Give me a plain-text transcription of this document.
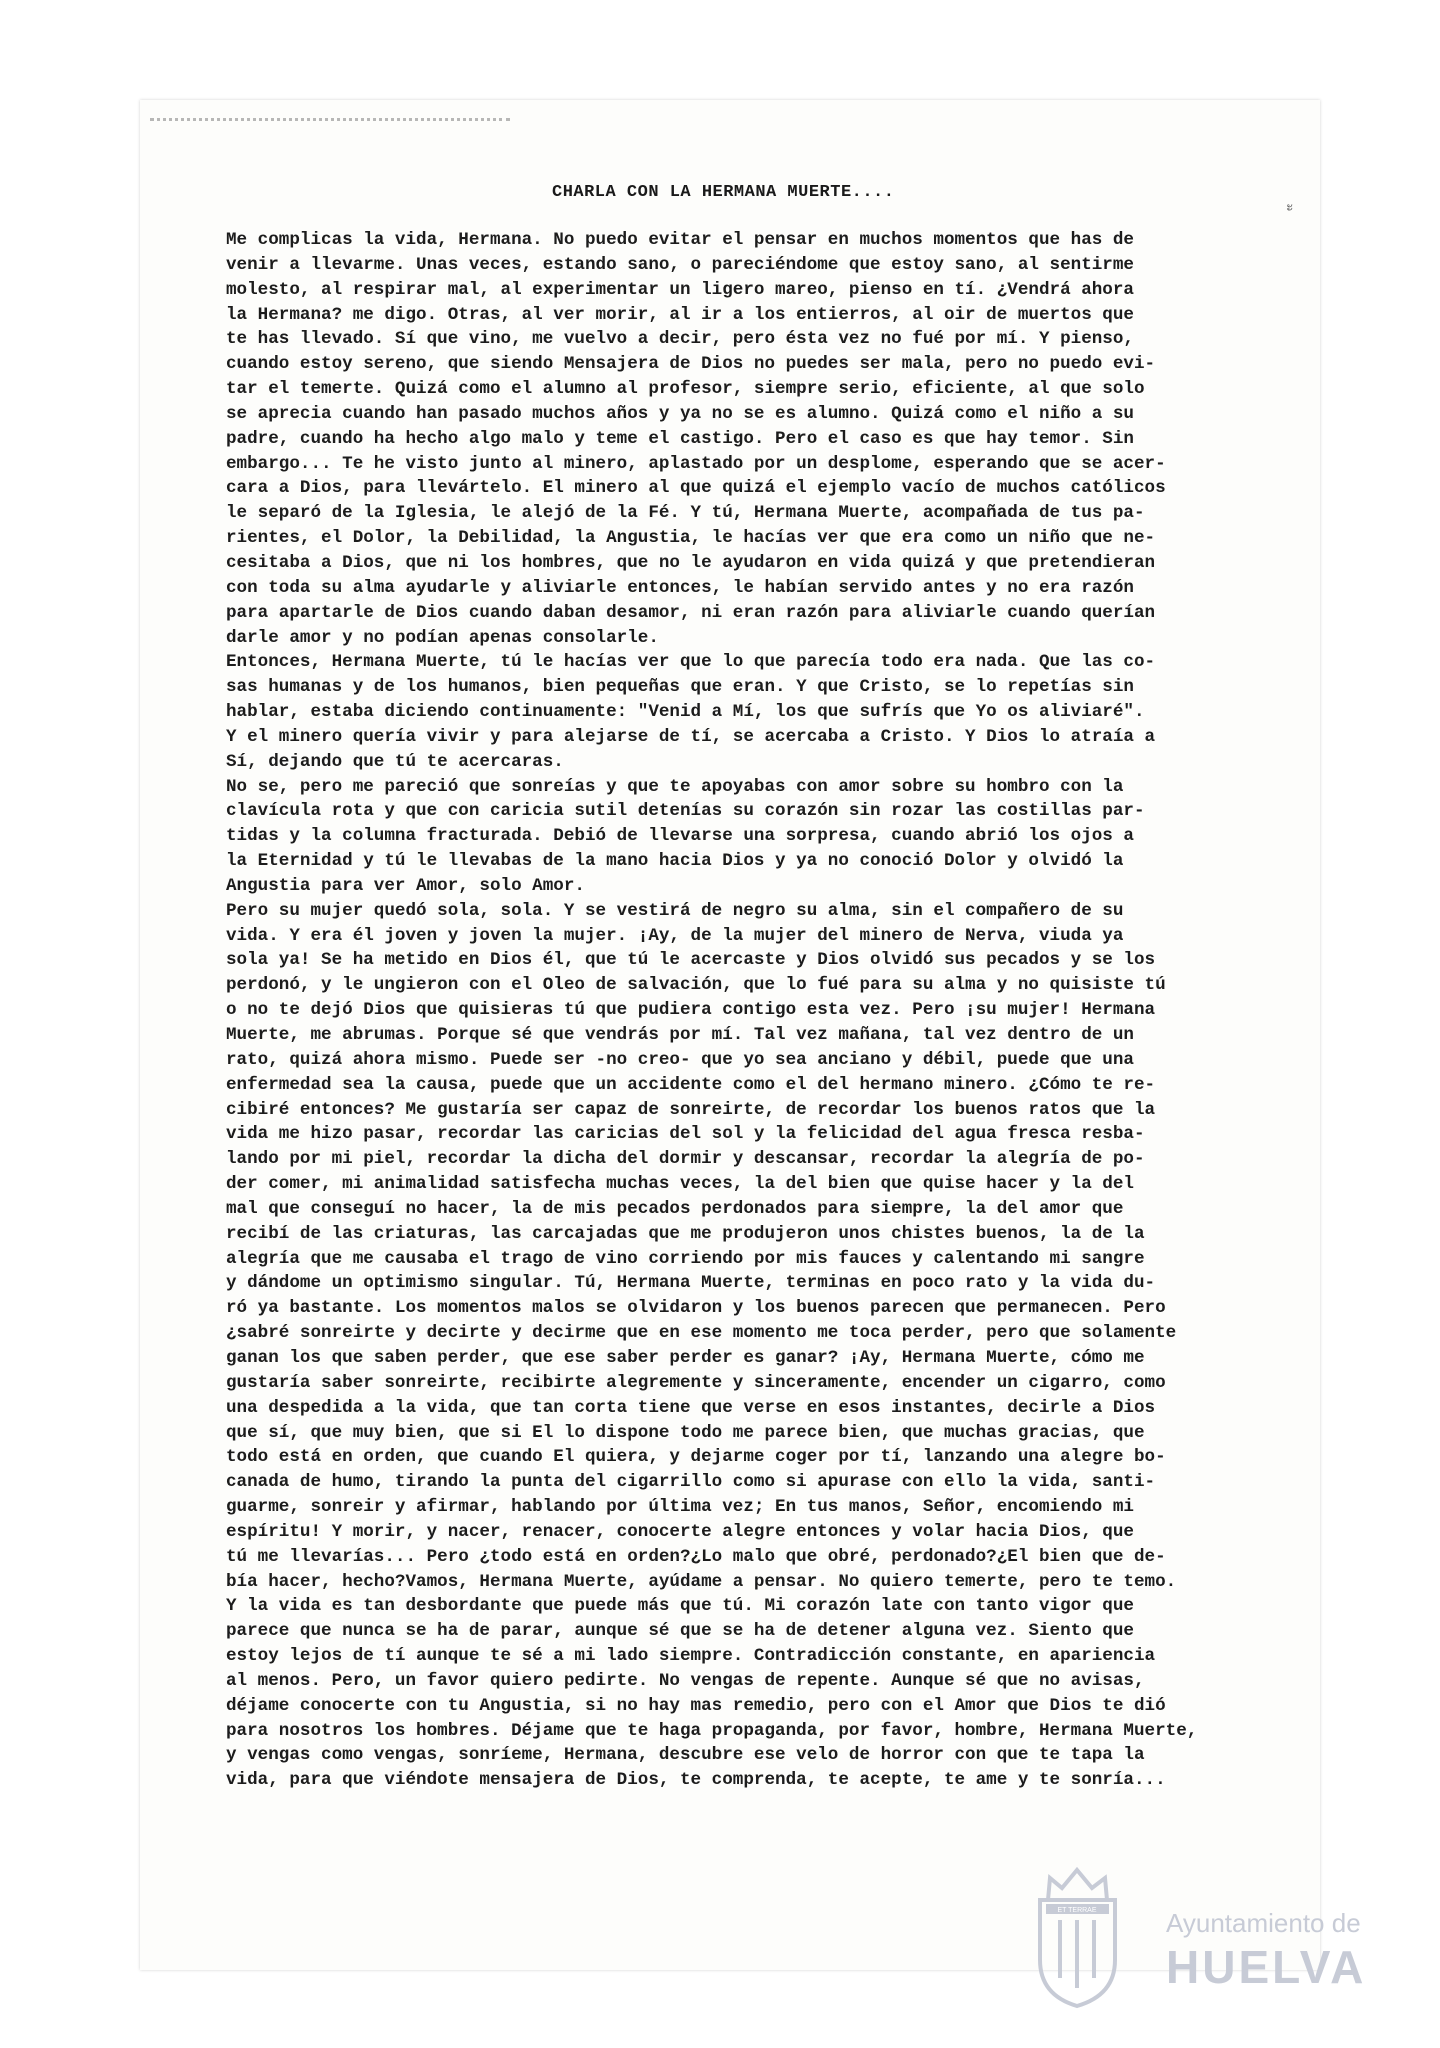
ะ
CHARLA CON LA HERMANA MUERTE....

Me complicas la vida, Hermana. No puedo evitar el pensar en muchos momentos que has de

venir a llevarme. Unas veces, estando sano, o pareciéndome que estoy sano, al sentirme

molesto, al respirar mal, al experimentar un ligero mareo, pienso en tí. ¿Vendrá ahora

la Hermana? me digo. Otras, al ver morir, al ir a los entierros, al oir de muertos que

te has llevado. Sí que vino, me vuelvo a decir, pero ésta vez no fué por mí. Y pienso,

cuando estoy sereno, que siendo Mensajera de Dios no puedes ser mala, pero no puedo evi-

tar el temerte. Quizá como el alumno al profesor, siempre serio, eficiente, al que solo

se aprecia cuando han pasado muchos años y ya no se es alumno. Quizá como el niño a su

padre, cuando ha hecho algo malo y teme el castigo. Pero el caso es que hay temor. Sin

embargo... Te he visto junto al minero, aplastado por un desplome, esperando que se acer-

cara a Dios, para llevártelo. El minero al que quizá el ejemplo vacío de muchos católicos

le separó de la Iglesia, le alejó de la Fé. Y tú, Hermana Muerte, acompañada de tus pa-

rientes, el Dolor, la Debilidad, la Angustia, le hacías ver que era como un niño que ne-

cesitaba a Dios, que ni los hombres, que no le ayudaron en vida quizá y que pretendieran

con toda su alma ayudarle y aliviarle entonces, le habían servido antes y no era razón

para apartarle de Dios cuando daban desamor, ni eran razón para aliviarle cuando querían

darle amor y no podían apenas consolarle.

Entonces, Hermana Muerte, tú le hacías ver que lo que parecía todo era nada. Que las co-

sas humanas y de los humanos, bien pequeñas que eran. Y que Cristo, se lo repetías sin

hablar, estaba diciendo continuamente: "Venid a Mí, los que sufrís que Yo os aliviaré".

Y el minero quería vivir y para alejarse de tí, se acercaba a Cristo. Y Dios lo atraía a

Sí, dejando que tú te acercaras.

No se, pero me pareció que sonreías y que te apoyabas con amor sobre su hombro con la

clavícula rota y que con caricia sutil detenías su corazón sin rozar las costillas par-

tidas y la columna fracturada. Debió de llevarse una sorpresa, cuando abrió los ojos a

la Eternidad y tú le llevabas de la mano hacia Dios y ya no conoció Dolor y olvidó la

Angustia para ver Amor, solo Amor.

Pero su mujer quedó sola, sola. Y se vestirá de negro su alma, sin el compañero de su

vida. Y era él joven y joven la mujer. ¡Ay, de la mujer del minero de Nerva, viuda ya

sola ya! Se ha metido en Dios él, que tú le acercaste y Dios olvidó sus pecados y se los

perdonó, y le ungieron con el Oleo de salvación, que lo fué para su alma y no quisiste tú

o no te dejó Dios que quisieras tú que pudiera contigo esta vez. Pero ¡su mujer! Hermana

Muerte, me abrumas. Porque sé que vendrás por mí. Tal vez mañana, tal vez dentro de un

rato, quizá ahora mismo. Puede ser -no creo- que yo sea anciano y débil, puede que una

enfermedad sea la causa, puede que un accidente como el del hermano minero. ¿Cómo te re-

cibiré entonces? Me gustaría ser capaz de sonreirte, de recordar los buenos ratos que la

vida me hizo pasar, recordar las caricias del sol y la felicidad del agua fresca resba-

lando por mi piel, recordar la dicha del dormir y descansar, recordar la alegría de po-

der comer, mi animalidad satisfecha muchas veces, la del bien que quise hacer y la del

mal que conseguí no hacer, la de mis pecados perdonados para siempre, la del amor que

recibí de las criaturas, las carcajadas que me produjeron unos chistes buenos, la de la

alegría que me causaba el trago de vino corriendo por mis fauces y calentando mi sangre

y dándome un optimismo singular. Tú, Hermana Muerte, terminas en poco rato y la vida du-

ró ya bastante. Los momentos malos se olvidaron y los buenos parecen que permanecen. Pero

¿sabré sonreirte y decirte y decirme que en ese momento me toca perder, pero que solamente

ganan los que saben perder, que ese saber perder es ganar? ¡Ay, Hermana Muerte, cómo me

gustaría saber sonreirte, recibirte alegremente y sinceramente, encender un cigarro, como

una despedida a la vida, que tan corta tiene que verse en esos instantes, decirle a Dios

que sí, que muy bien, que si El lo dispone todo me parece bien, que muchas gracias, que

todo está en orden, que cuando El quiera, y dejarme coger por tí, lanzando una alegre bo-

canada de humo, tirando la punta del cigarrillo como si apurase con ello la vida, santi-

guarme, sonreir y afirmar, hablando por última vez; En tus manos, Señor, encomiendo mi

espíritu! Y morir, y nacer, renacer, conocerte alegre entonces y volar hacia Dios, que

tú me llevarías... Pero ¿todo está en orden?¿Lo malo que obré, perdonado?¿El bien que de-

bía hacer, hecho?Vamos, Hermana Muerte, ayúdame a pensar. No quiero temerte, pero te temo.

Y la vida es tan desbordante que puede más que tú. Mi corazón late con tanto vigor que

parece que nunca se ha de parar, aunque sé que se ha de detener alguna vez. Siento que

estoy lejos de tí aunque te sé a mi lado siempre. Contradicción constante, en apariencia

al menos. Pero, un favor quiero pedirte. No vengas de repente. Aunque sé que no avisas,

déjame conocerte con tu Angustia, si no hay mas remedio, pero con el Amor que Dios te dió

para nosotros los hombres. Déjame que te haga propaganda, por favor, hombre, Hermana Muerte,

y vengas como vengas, sonríeme, Hermana, descubre ese velo de horror con que te tapa la

vida, para que viéndote mensajera de Dios, te comprenda, te acepte, te ame y te sonría...

ET TERRAE	Ayuntamiento de
HUELVA
